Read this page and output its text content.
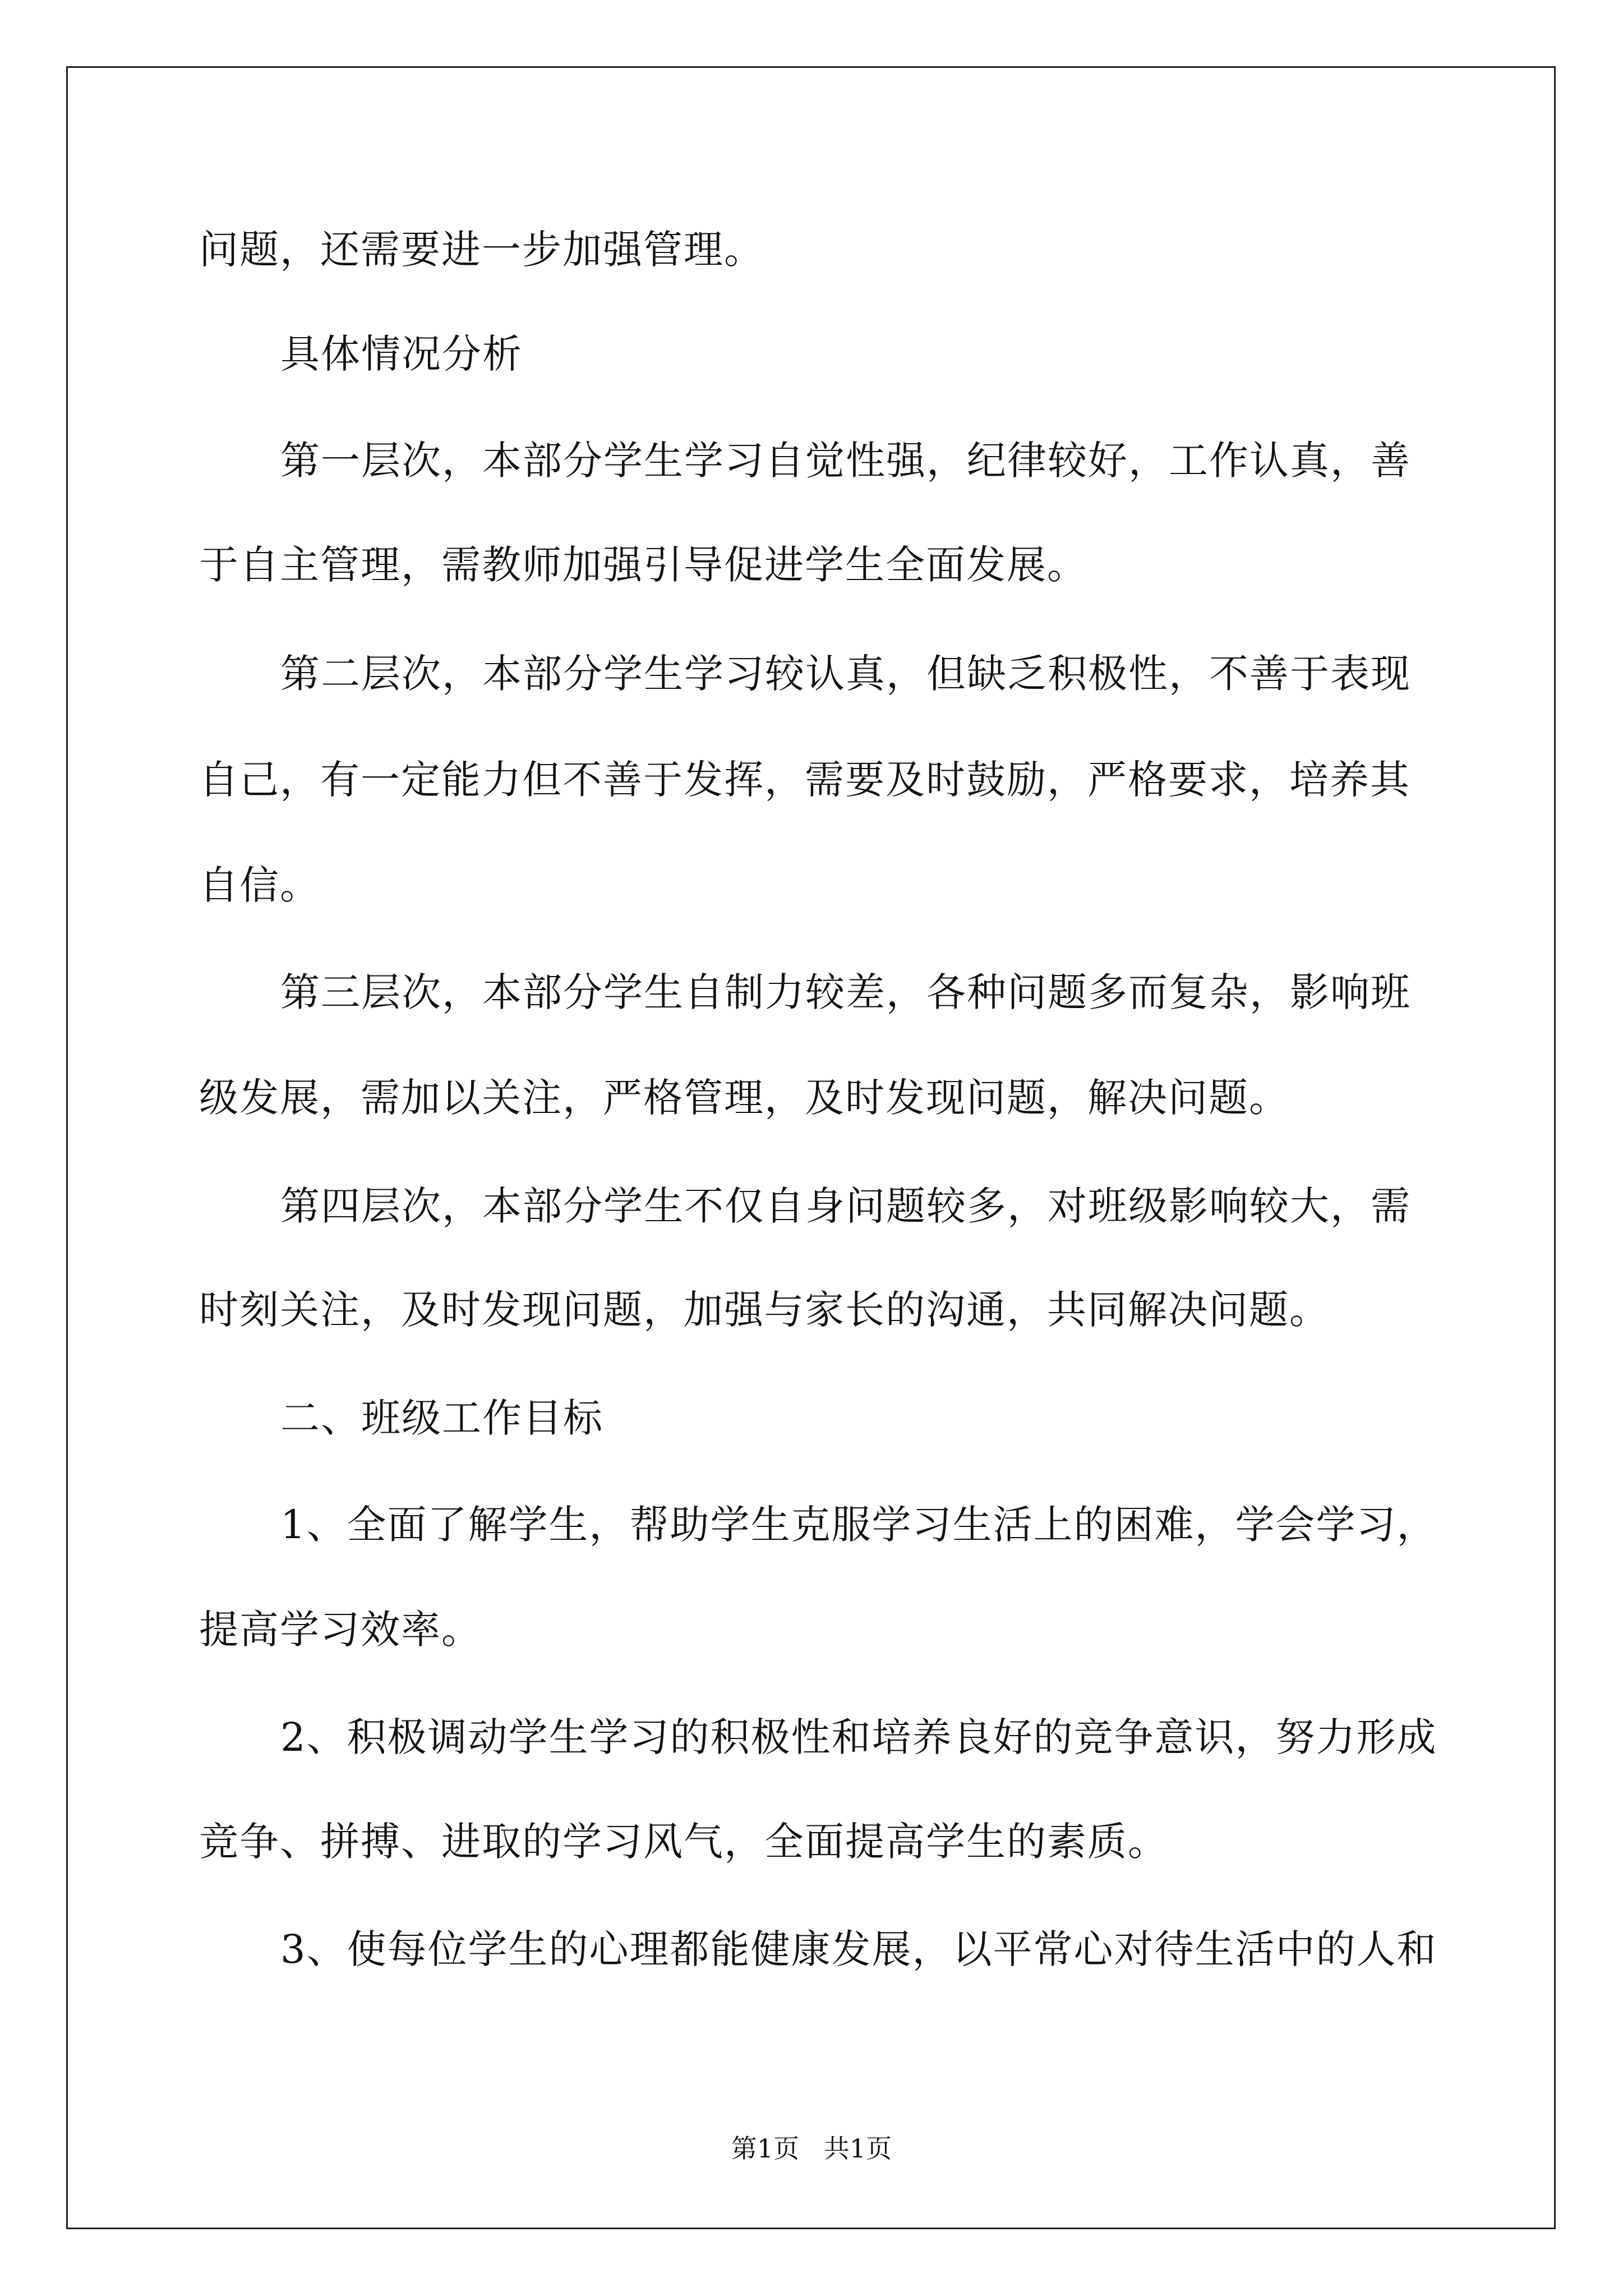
问题，还需要进一步加强管理。
具体情况分析
第一层次，本部分学生学习自觉性强，纪律较好，工作认真，善
于自主管理，需教师加强引导促进学生全面发展。
第二层次，本部分学生学习较认真，但缺乏积极性，不善于表现
自己，有一定能力但不善于发挥，需要及时鼓励，严格要求，培养其
自信。
第三层次，本部分学生自制力较差，各种问题多而复杂，影响班
级发展，需加以关注，严格管理，及时发现问题，解决问题。
第四层次，本部分学生不仅自身问题较多，对班级影响较大，需
时刻关注，及时发现问题，加强与家长的沟通，共同解决问题。
二、班级工作目标
1、全面了解学生，帮助学生克服学习生活上的困难，学会学习，
提高学习效率。
2、积极调动学生学习的积极性和培养良好的竞争意识，努力形成
竞争、拼搏、进取的学习风气，全面提高学生的素质。
3、使每位学生的心理都能健康发展，以平常心对待生活中的人和
第1页   共1页
